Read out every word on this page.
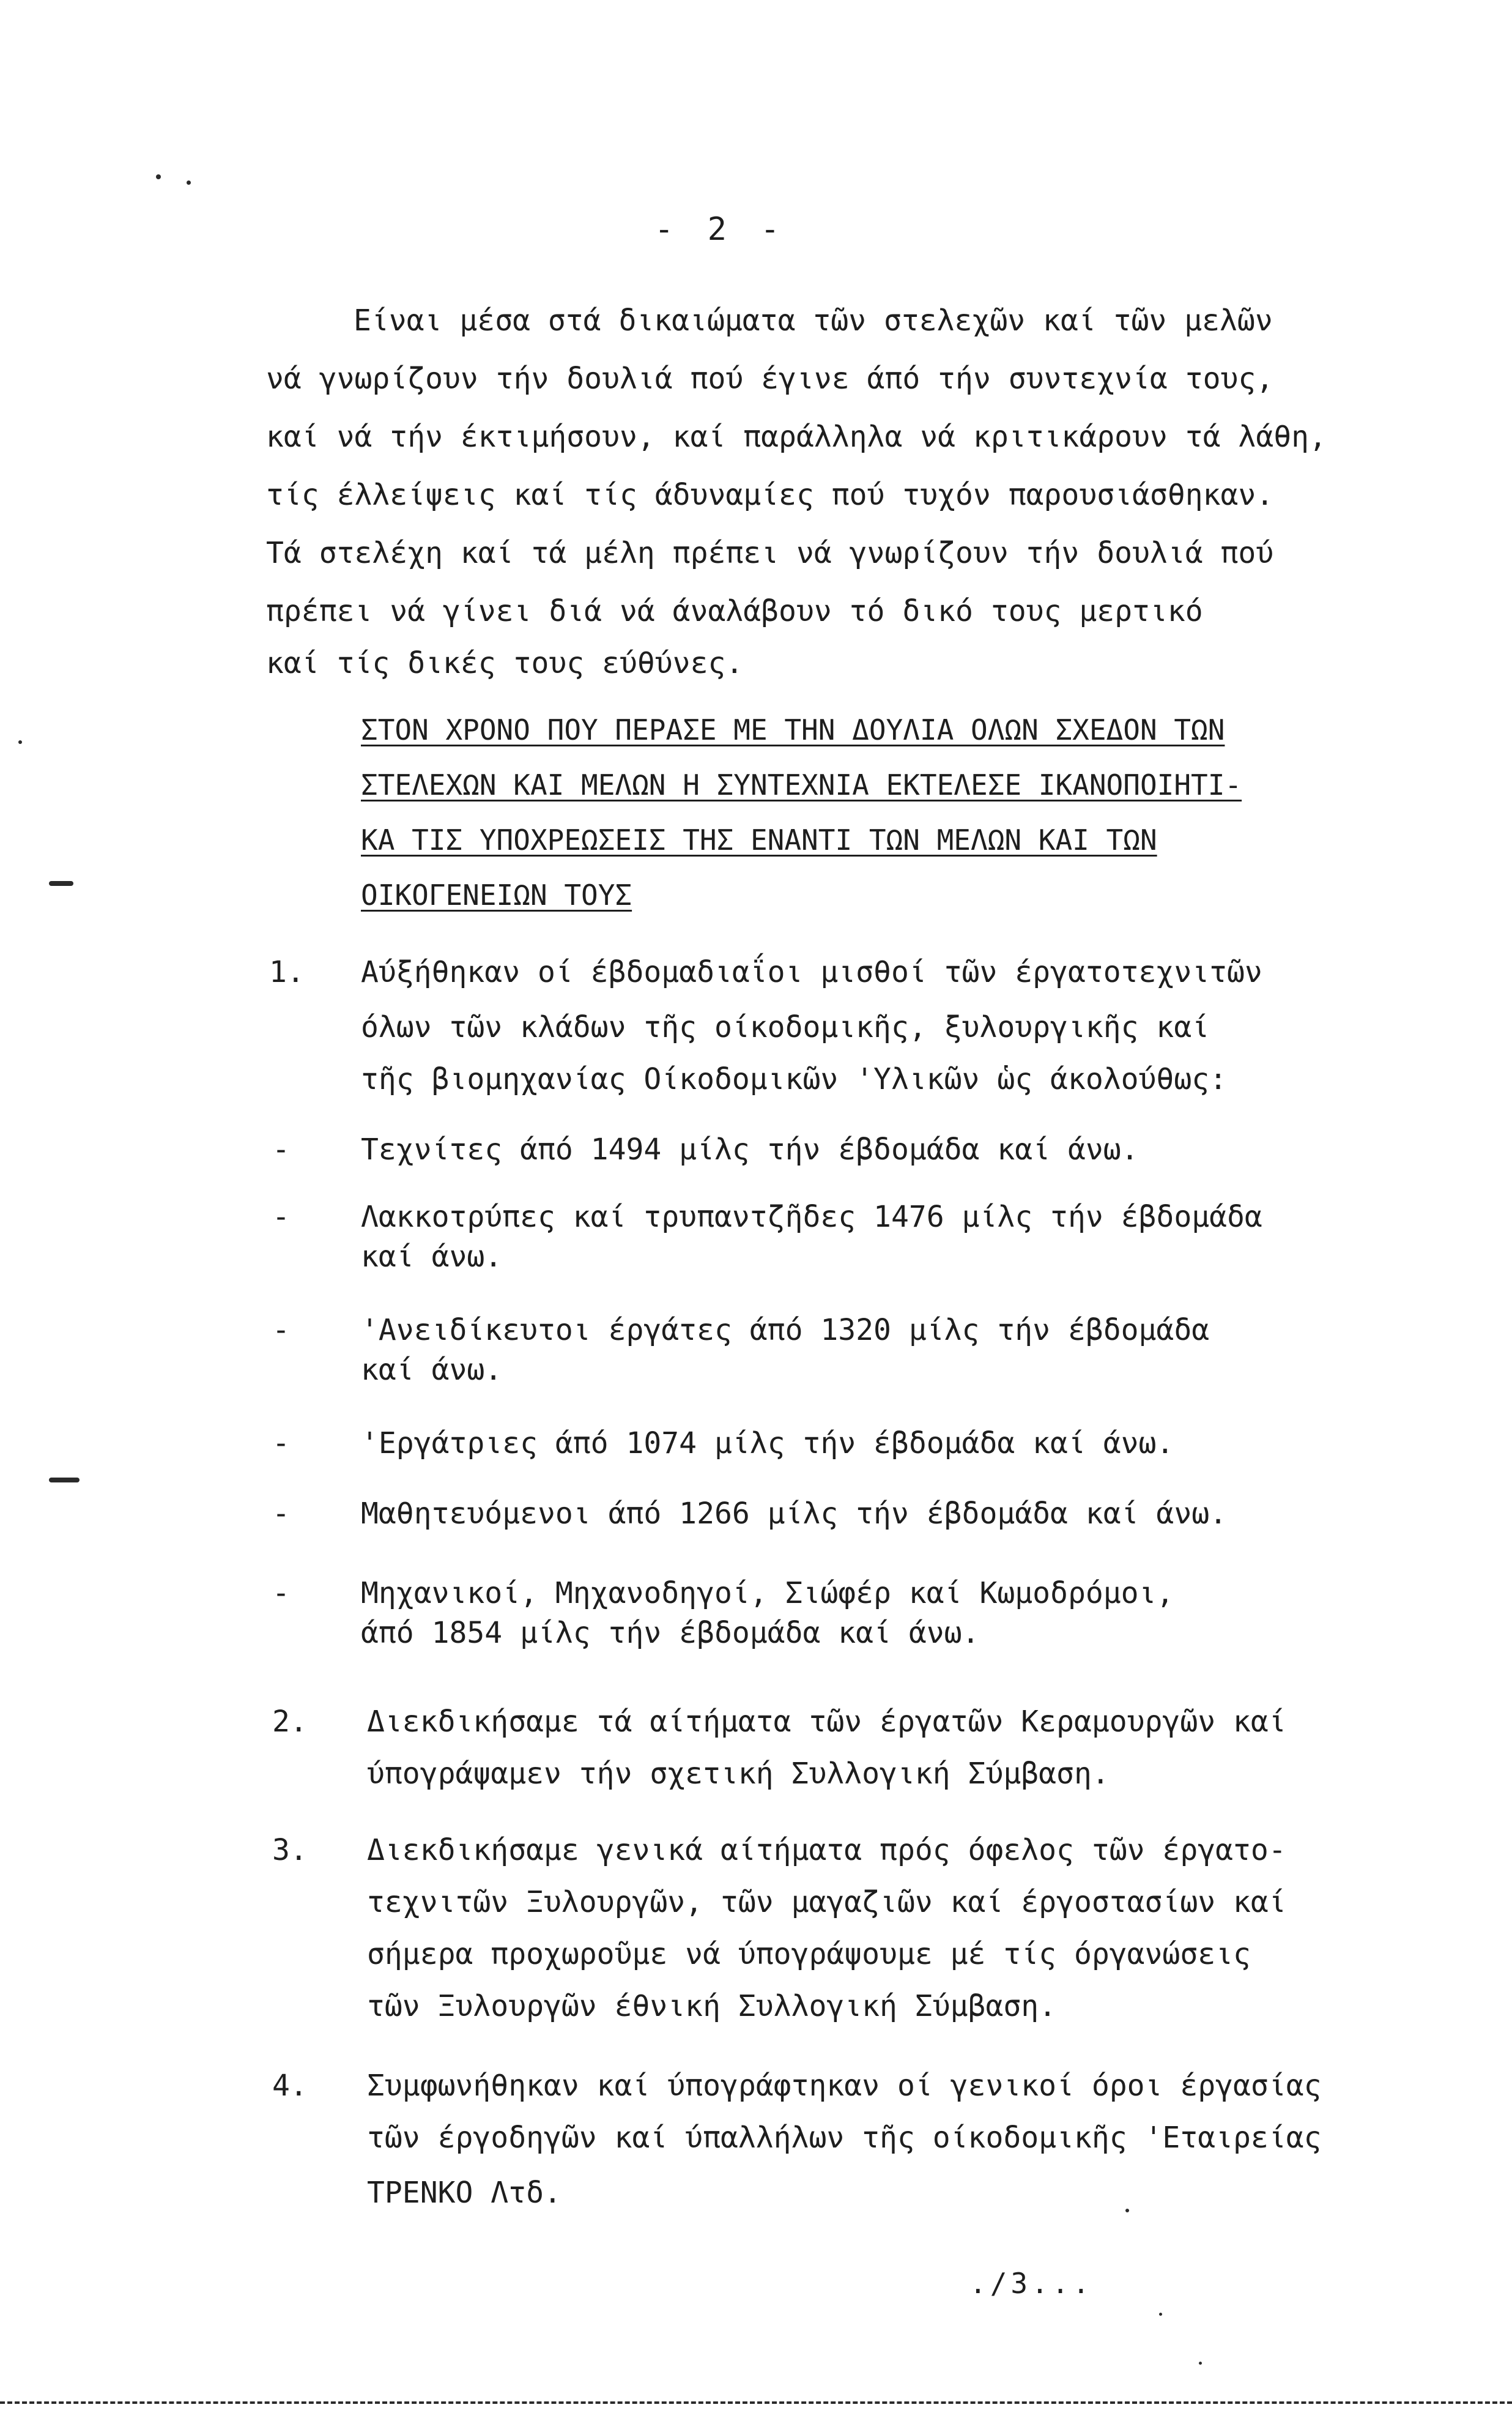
- 2 -
Είναι μέσα στά δικαιώματα τῶν στελεχῶν καί τῶν μελῶν
νά γνωρίζουν τήν δουλιά πού έγινε άπό τήν συντεχνία τους,
καί νά τήν έκτιμήσουν, καί παράλληλα νά κριτικάρουν τά λάθη,
τίς έλλείψεις καί τίς άδυναμίες πού τυχόν παρουσιάσθηκαν.
Τά στελέχη καί τά μέλη πρέπει νά γνωρίζουν τήν δουλιά πού
πρέπει νά γίνει διά νά άναλάβουν τό δικό τους μερτικό
καί τίς δικές τους εύθύνες.
ΣΤΟΝ ΧΡΟΝΟ ΠΟΥ ΠΕΡΑΣΕ ΜΕ ΤΗΝ ΔΟΥΛΙΑ ΟΛΩΝ ΣΧΕΔΟΝ ΤΩΝ
ΣΤΕΛΕΧΩΝ ΚΑΙ ΜΕΛΩΝ Η ΣΥΝΤΕΧΝΙΑ ΕΚΤΕΛΕΣΕ ΙΚΑΝΟΠΟΙΗΤΙ-
ΚΑ ΤΙΣ ΥΠΟΧΡΕΩΣΕΙΣ ΤΗΣ ΕΝΑΝΤΙ ΤΩΝ ΜΕΛΩΝ ΚΑΙ ΤΩΝ
ΟΙΚΟΓΕΝΕΙΩΝ ΤΟΥΣ
1. Αύξήθηκαν οί έβδομαδιαΐοι μισθοί τῶν έργατοτεχνιτῶν
όλων τῶν κλάδων τῆς οίκοδομικῆς, ξυλουργικῆς καί
τῆς βιομηχανίας Οίκοδομικῶν 'Υλικῶν ὡς άκολούθως:
- Τεχνίτες άπό 1494 μίλς τήν έβδομάδα καί άνω.
- Λακκοτρύπες καί τρυπαντζῆδες 1476 μίλς τήν έβδομάδα
καί άνω.
- 'Ανειδίκευτοι έργάτες άπό 1320 μίλς τήν έβδομάδα
καί άνω.
- 'Εργάτριες άπό 1074 μίλς τήν έβδομάδα καί άνω.
- Μαθητευόμενοι άπό 1266 μίλς τήν έβδομάδα καί άνω.
- Μηχανικοί, Μηχανοδηγοί, Σιώφέρ καί Κωμοδρόμοι,
άπό 1854 μίλς τήν έβδομάδα καί άνω.
2. Διεκδικήσαμε τά αίτήματα τῶν έργατῶν Κεραμουργῶν καί
ύπογράψαμεν τήν σχετική Συλλογική Σύμβαση.
3. Διεκδικήσαμε γενικά αίτήματα πρός όφελος τῶν έργατο-
τεχνιτῶν Ξυλουργῶν, τῶν μαγαζιῶν καί έργοστασίων καί
σήμερα προχωροῦμε νά ύπογράψουμε μέ τίς όργανώσεις
τῶν Ξυλουργῶν έθνική Συλλογική Σύμβαση.
4. Συμφωνήθηκαν καί ύπογράφτηκαν οί γενικοί όροι έργασίας
τῶν έργοδηγῶν καί ύπαλλήλων τῆς οίκοδομικῆς 'Εταιρείας
ΤΡΕΝΚΟ Λτδ.
./3...
